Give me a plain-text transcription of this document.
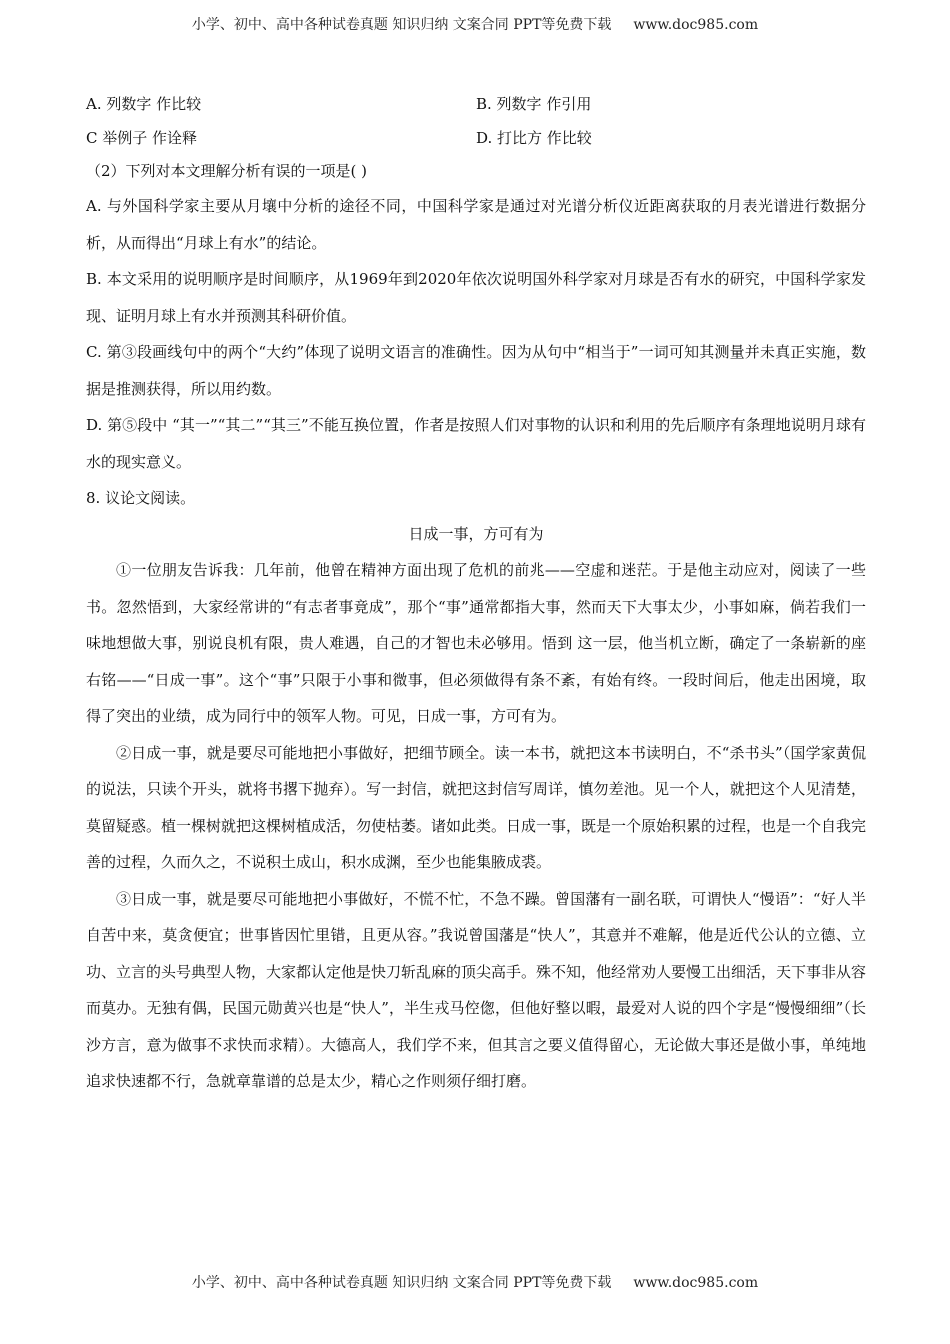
小学、初中、高中各种试卷真题 知识归纳 文案合同 PPT等免费下载 www.doc985.com
A. 列数字 作比较	B. 列数字 作引用
C 举例子 作诠释	D. 打比方 作比较

（2）下列对本文理解分析有误的一项是( )

A. 与外国科学家主要从月壤中分析的途径不同，中国科学家是通过对光谱分析仪近距离获取的月表光谱进行数据分析，从而得出“月球上有水”的结论。

B. 本文采用的说明顺序是时间顺序，从1969年到2020年依次说明国外科学家对月球是否有水的研究，中国科学家发现、证明月球上有水并预测其科研价值。

C. 第③段画线句中的两个“大约”体现了说明文语言的准确性。因为从句中“相当于”一词可知其测量并未真正实施，数据是推测获得，所以用约数。

D. 第⑤段中 “其一”“其二”“其三”不能互换位置，作者是按照人们对事物的认识和利用的先后顺序有条理地说明月球有水的现实意义。

8. 议论文阅读。

日成一事，方可有为

①一位朋友告诉我：几年前，他曾在精神方面出现了危机的前兆——空虚和迷茫。于是他主动应对，阅读了一些书。忽然悟到，大家经常讲的“有志者事竟成”，那个“事”通常都指大事，然而天下大事太少，小事如麻，倘若我们一味地想做大事，别说良机有限，贵人难遇，自己的才智也未必够用。悟到 这一层，他当机立断，确定了一条崭新的座右铭——“日成一事”。这个“事”只限于小事和微事，但必须做得有条不紊，有始有终。一段时间后，他走出困境，取得了突出的业绩，成为同行中的领军人物。可见，日成一事，方可有为。

②日成一事，就是要尽可能地把小事做好，把细节顾全。读一本书，就把这本书读明白，不“杀书头”（国学家黄侃的说法，只读个开头，就将书撂下抛弃）。写一封信，就把这封信写周详，慎勿差池。见一个人，就把这个人见清楚，莫留疑惑。植一棵树就把这棵树植成活，勿使枯萎。诸如此类。日成一事，既是一个原始积累的过程，也是一个自我完善的过程，久而久之，不说积土成山，积水成渊，至少也能集腋成裘。

③日成一事，就是要尽可能地把小事做好，不慌不忙，不急不躁。曾国藩有一副名联，可谓快人“慢语”：“好人半自苦中来，莫贪便宜；世事皆因忙里错，且更从容。”我说曾国藩是“快人”，其意并不难解，他是近代公认的立德、立功、立言的头号典型人物，大家都认定他是快刀斩乱麻的顶尖高手。殊不知，他经常劝人要慢工出细活，天下事非从容而莫办。无独有偶，民国元勋黄兴也是“快人”，半生戎马倥偬，但他好整以暇，最爱对人说的四个字是“慢慢细细”（长沙方言，意为做事不求快而求精）。大德高人，我们学不来，但其言之要义值得留心，无论做大事还是做小事，单纯地追求快速都不行，急就章靠谱的总是太少，精心之作则须仔细打磨。

小学、初中、高中各种试卷真题 知识归纳 文案合同 PPT等免费下载 www.doc985.com
